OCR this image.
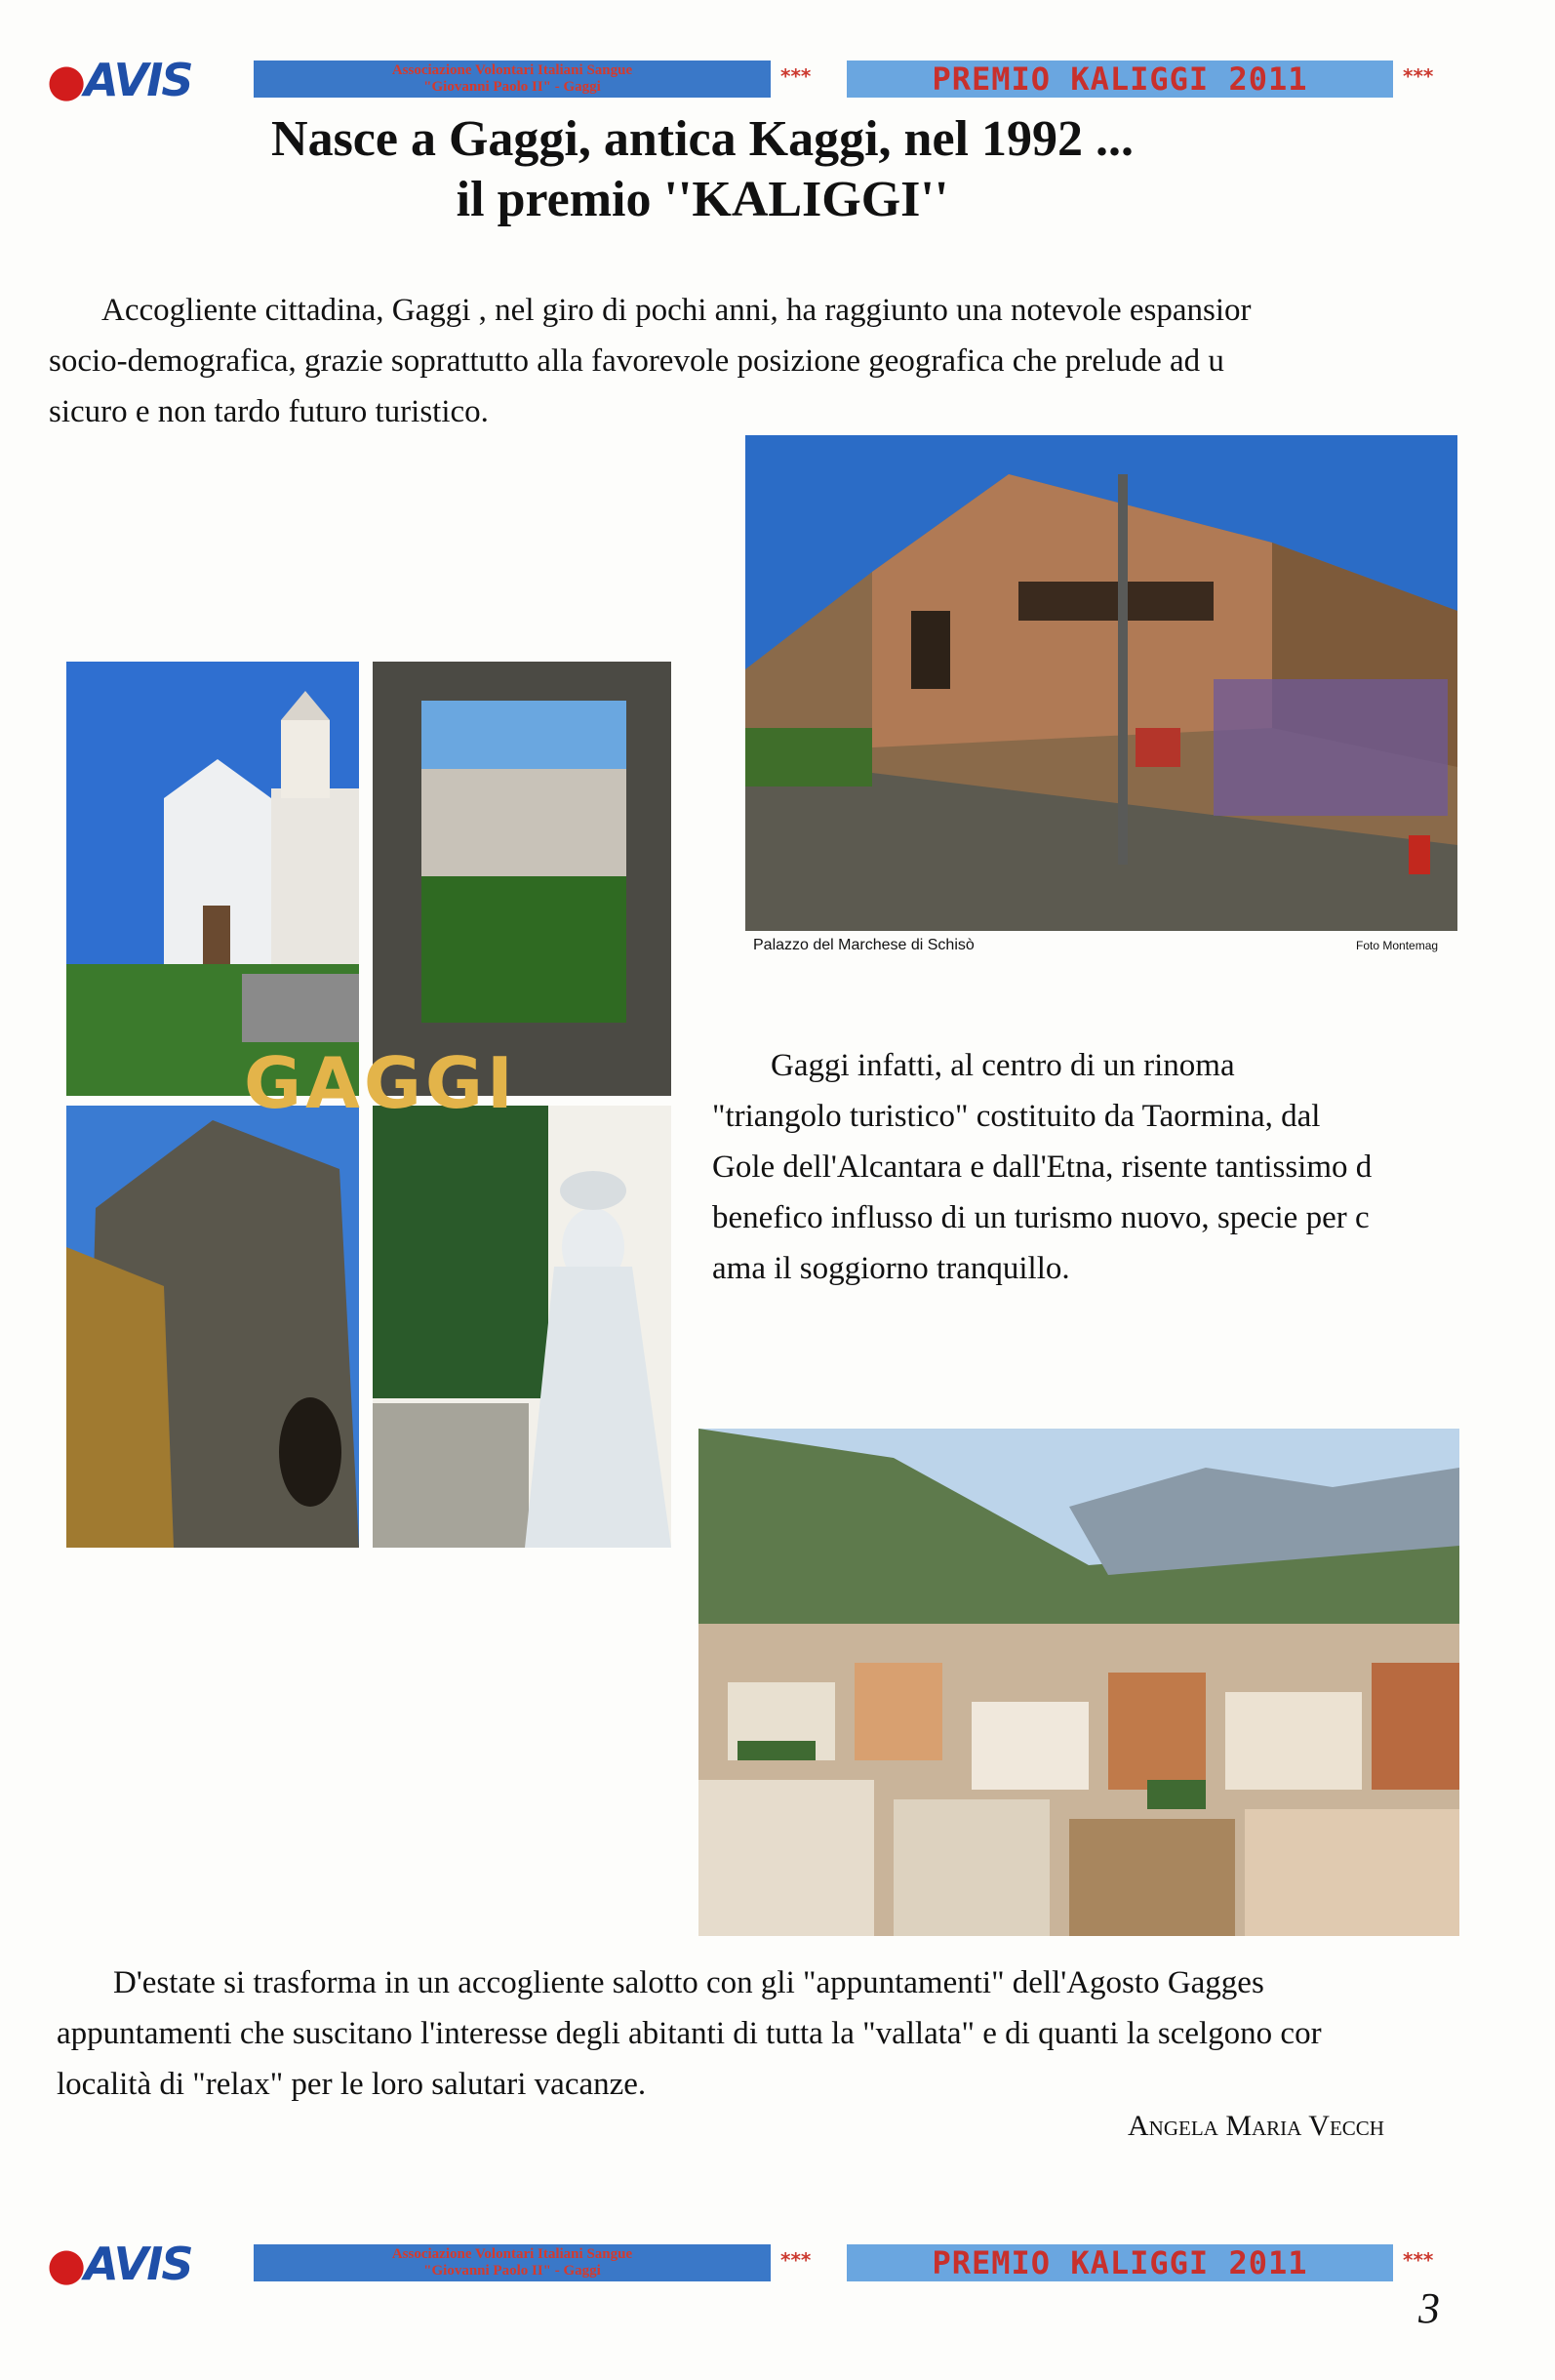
●AVIS	Associazione Volontari Italiani Sangue
"Giovanni Paolo II" - Gaggi	***	PREMIO KALIGGI 2011	***
Nasce a Gaggi, antica Kaggi, nel 1992 ...
il premio ''KALIGGI''
Accogliente cittadina, Gaggi , nel giro di pochi anni, ha raggiunto una notevole espansior
socio-demografica, grazie soprattutto alla favorevole posizione geografica che prelude ad u
sicuro e non tardo futuro turistico.
Palazzo del Marchese di Schisò	Foto Montemag
GAGGI	Gaggi infatti, al centro di un rinoma
"triangolo turistico" costituito da Taormina, dal
Gole dell'Alcantara e dall'Etna, risente tantissimo d
benefico influsso di un turismo nuovo, specie per c
ama il soggiorno tranquillo.
D'estate si trasforma in un accogliente salotto con gli "appuntamenti" dell'Agosto Gagges
appuntamenti che suscitano l'interesse degli abitanti di tutta la "vallata" e di quanti la scelgono cor
località di "relax" per le loro salutari vacanze.
Angela Maria Vecch
●AVIS	Associazione Volontari Italiani Sangue
"Giovanni Paolo II" - Gaggi	***	PREMIO KALIGGI 2011	***
3
